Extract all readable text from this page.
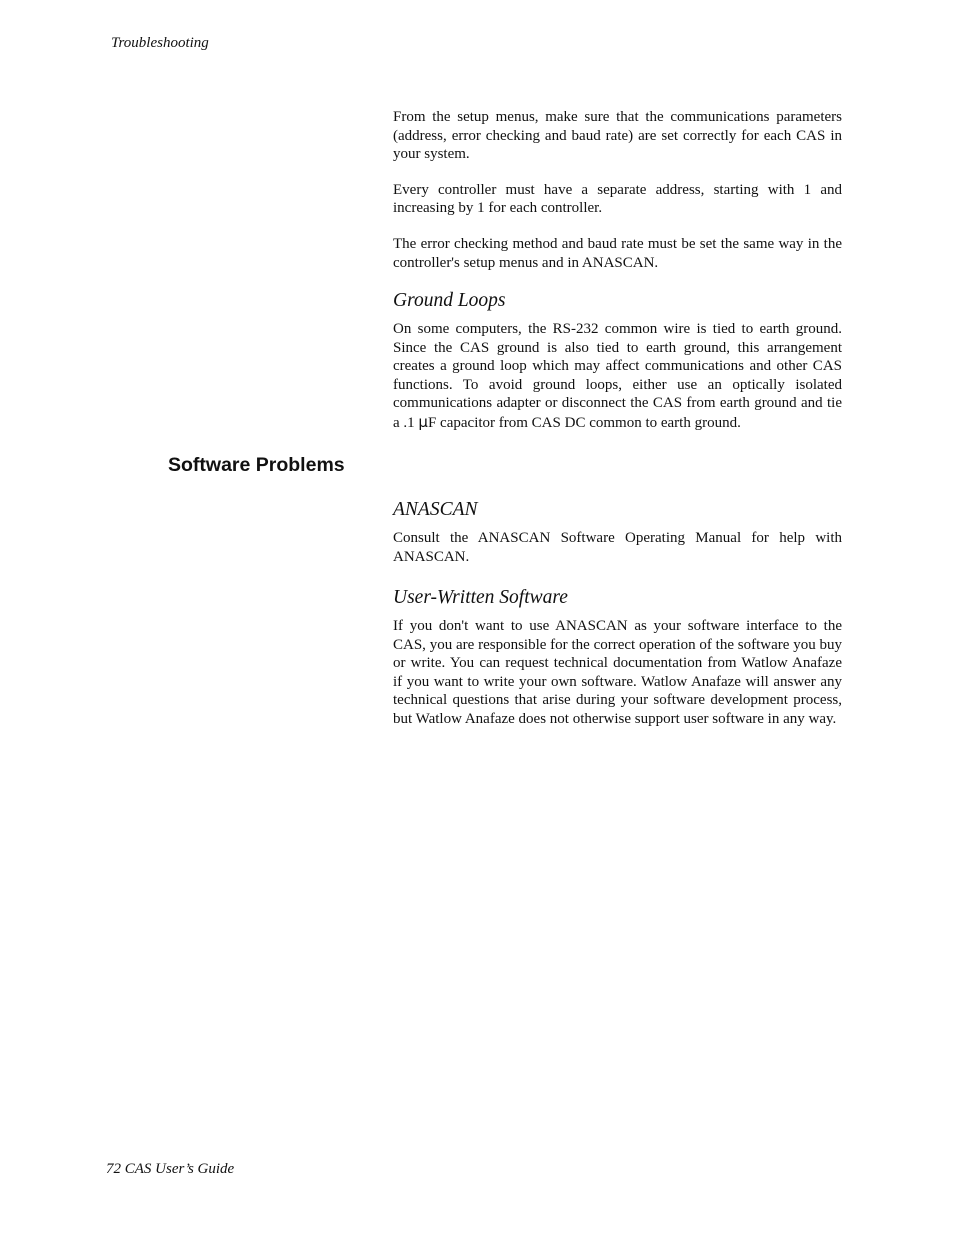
Troubleshooting

From the setup menus, make sure that the communications parameters (address, error checking and baud rate) are set correctly for each CAS in your system.

Every controller must have a separate address, starting with 1 and increasing by 1 for each controller.

The error checking method and baud rate must be set the same way in the controller's setup menus and in ANASCAN.

Ground Loops

On some computers, the RS-232 common wire is tied to earth ground. Since the CAS ground is also tied to earth ground, this arrangement creates a ground loop which may affect communications and other CAS functions. To avoid ground loops, either use an optically isolated communications adapter or disconnect the CAS from earth ground and tie a .1 µF capacitor from CAS DC common to earth ground.

Software Problems
ANASCAN

Consult the ANASCAN Software Operating Manual for help with ANASCAN.

User-Written Software

If you don't want to use ANASCAN as your software interface to the CAS, you are responsible for the correct operation of the software you buy or write. You can request technical documentation from Watlow Anafaze if you want to write your own software. Watlow Anafaze will answer any technical questions that arise during your software development process, but Watlow Anafaze does not otherwise support user software in any way.

72 CAS User’s Guide
